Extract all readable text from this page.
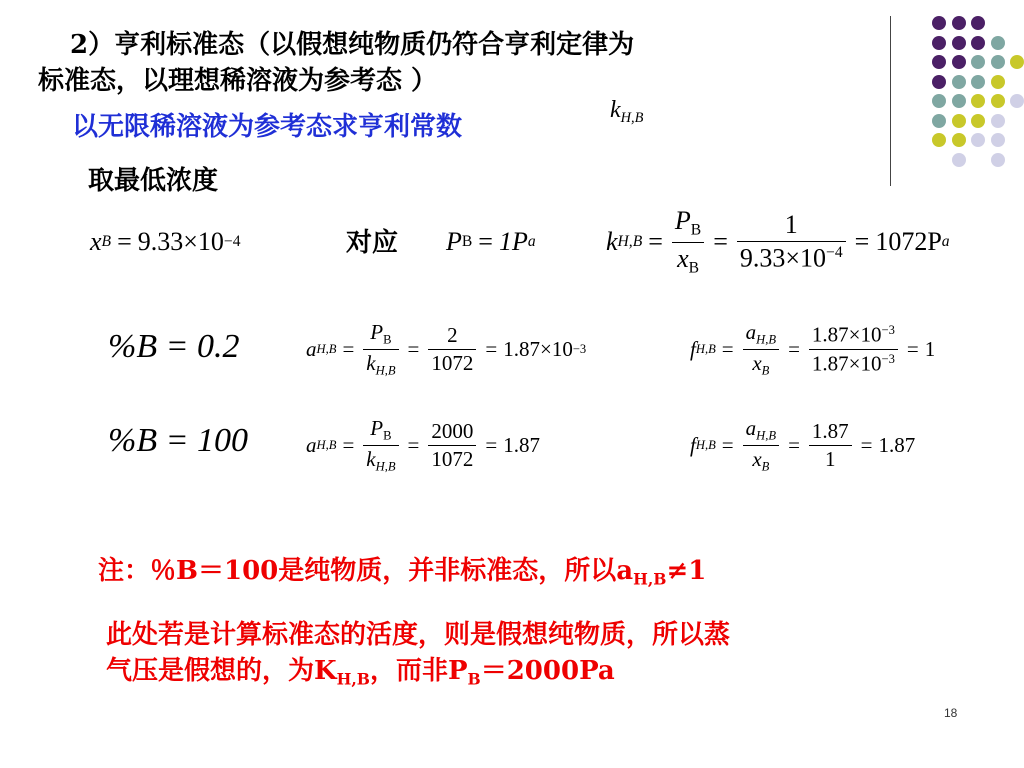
2）亨利标准态（以假想纯物质仍符合亨利定律为
标准态，以理想稀溶液为参考态 ）
以无限稀溶液为参考态求亨利常数
$k_{H,B}$
取最低浓度
x B = 9.33×10 −4	对应 P B = 1P a	k $H,B = \frac{P_B}{x_B} = \frac{1}{9.33\times 10^{-4}} = 1072P$ a
%B = 0.2	a $H,B = \frac{P_B}{k_{H,B}} = \frac{2}{1072} = 1.87\times 10 -3$	f $H,B = \frac{a_{H,B}}{x_B} = \frac{1.87\times 10^{-3}}{1.87\times 10^{-3}} = 1$
%B = 100	a $H,B = \frac{P_B}{k_{H,B}} = \frac{2000}{1072} = 1.87$	f $H,B = \frac{a_{H,B}}{x_B} = \frac{1.87}{1} = 1.87$
注：％B＝100是纯物质，并非标准态，所以$a_{H,B}\ne 1$
此处若是计算标准态的活度，则是假想纯物质，所以蒸
气压是假想的，为$K_{H,B}$，而非$P_B=2000Pa$
18
